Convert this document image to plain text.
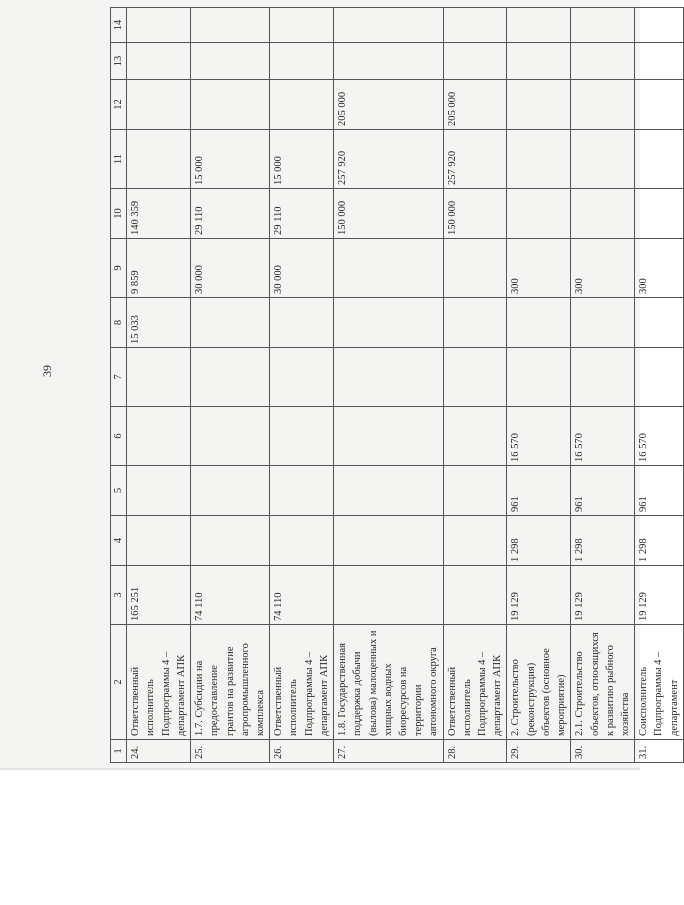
39
1	2	3	4	5	6	7	8	9	10	11	12	13	14
24.	Ответственный исполнитель Подпрограммы 4 – департамент АПК	165 251					15 033	9 859	140 359				
25.	1.7. Субсидии на предоставление грантов на развитие агропромышленного комплекса	74 110						30 000	29 110	15 000			
26.	Ответственный исполнитель Подпрограммы 4 – департамент АПК	74 110						30 000	29 110	15 000			
27.	1.8. Государственная поддержка добычи (вылова) малоценных и хищных водных биоресурсов на территории автономного округа								150 000	257 920	205 000		
28.	Ответственный исполнитель Подпрограммы 4 – департамент АПК								150 000	257 920	205 000		
29.	2. Строительство (реконструкция) объектов (основное мероприятие)	19 129	1 298	961	16 570			300					
30.	2.1. Строительство объектов, относящихся к развитию рыбного хозяйства	19 129	1 298	961	16 570			300					
31.	Соисполнитель Подпрограммы 4 – департамент	19 129	1 298	961	16 570			300					
